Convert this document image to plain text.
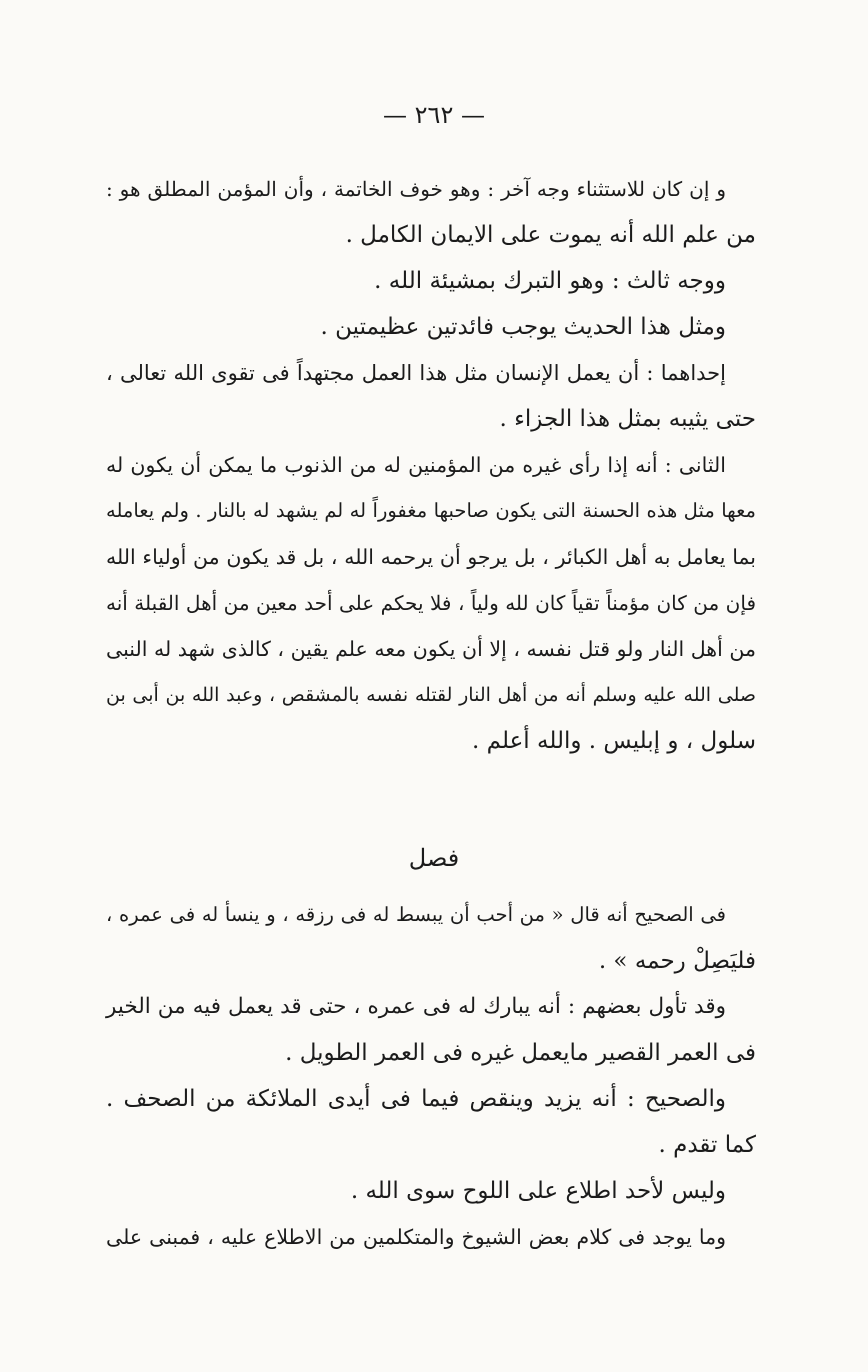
— ٢٦٢ —
و إن كان للاستثناء وجه آخر : وهو خوف الخاتمة ، وأن المؤمن المطلق هو :
من علم الله أنه يموت على الايمان الكامل .
ووجه ثالث : وهو التبرك بمشيئة الله .
ومثل هذا الحديث يوجب فائدتين عظيمتين .
إحداهما : أن يعمل الإنسان مثل هذا العمل مجتهداً فى تقوى الله تعالى ،
حتى يثيبه بمثل هذا الجزاء .
الثانى : أنه إذا رأى غيره من المؤمنين له من الذنوب ما يمكن أن يكون له
معها مثل هذه الحسنة التى يكون صاحبها مغفوراً له لم يشهد له بالنار . ولم يعامله
بما يعامل به أهل الكبائر ، بل يرجو أن يرحمه الله ، بل قد يكون من أولياء الله
فإن من كان مؤمناً تقياً كان لله ولياً ، فلا يحكم على أحد معين من أهل القبلة أنه
من أهل النار ولو قتل نفسه ، إلا أن يكون معه علم يقين ، كالذى شهد له النبى
صلى الله عليه وسلم أنه من أهل النار لقتله نفسه بالمشقص ، وعبد الله بن أبى بن
سلول ، و إبليس . والله أعلم .
فصل
فى الصحيح أنه قال « من أحب أن يبسط له فى رزقه ، و ينسأ له فى عمره ،
فليَصِلْ رحمه » .
وقد تأول بعضهم : أنه يبارك له فى عمره ، حتى قد يعمل فيه من الخير
فى العمر القصير مايعمل غيره فى العمر الطويل .
والصحيح : أنه يزيد وينقص فيما فى أيدى الملائكة من الصحف .
كما تقدم .
وليس لأحد اطلاع على اللوح سوى الله .
وما يوجد فى كلام بعض الشيوخ والمتكلمين من الاطلاع عليه ، فمبنى على
